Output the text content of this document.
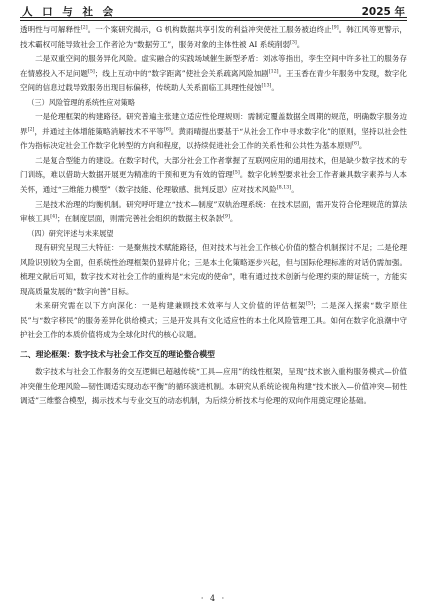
人 口 与 社 会	2025 年

透明性与可解释性[2]。一个案研究揭示，G 机构数据共享引发的利益冲突使社工服务被迫终止[9]。韩江风等更警示，技术霸权可能导致社会工作者沦为“数据劳工”，服务对象的主体性被 AI 系统削弱[3]。

二是双重空间的服务异化风险。虚实融合的实践场域催生新型矛盾：刘冰等指出，孪生空间中许多社工的服务存在情感投入不足问题[5]；线上互动中的“数字距离”使社会关系疏离风险加剧[12]。王玉香在青少年服务中发现，数字化空间的信息过载导致服务出现目标偏移，传统助人关系面临工具理性侵蚀[13]。

（三）风险管理的系统性应对策略

一是伦理框架的构建路径。研究普遍主张建立适应性伦理规则：需制定覆盖数据全周期的规范，明确数字服务边界[2]，并通过主体增能策略消解技术不平等[6]。黄雨晴提出要基于“从社会工作中寻求数字化”的原则，坚持以社会性作为指标决定社会工作数字化转型的方向和程度，以持续促进社会工作的关系性和公共性为基本原则[6]。

二是复合型能力的建设。在数字时代，大部分社会工作者掌握了互联网应用的通用技术，但是缺少数字技术的专门训练，难以借助大数据开展更为精准的干预和更为有效的管理[5]。数字化转型要求社会工作者兼具数字素养与人本关怀，通过“三维能力模型”（数字技能、伦理敏感、批判反思）应对技术风险[8,13]。

三是技术治理的均衡机制。研究呼吁建立“技术—制度”双轨治理系统：在技术层面，需开发符合伦理规范的算法审核工具[4]；在制度层面，则需完善社会组织的数据主权条款[9]。

（四）研究评述与未来展望

现有研究呈现三大特征：一是聚焦技术赋能路径，但对技术与社会工作核心价值的整合机制探讨不足；二是伦理风险识别较为全面，但系统性治理框架仍显碎片化；三是本土化策略逐步兴起，但与国际伦理标准的对话仍需加强。梳理文献后可知，数字技术对社会工作的重构是“未完成的使命”，唯有通过技术创新与伦理约束的辩证统一，方能实现高质量发展的“数字向善”目标。

未来研究需在以下方向深化：一是构建兼顾技术效率与人文价值的评估框架[5]；二是深入探索“数字原住民”与“数字移民”的服务差异化供给模式；三是开发具有文化适应性的本土化风险管理工具。如何在数字化浪潮中守护社会工作的本质价值将成为全球化时代的核心议题。

二、理论框架：数字技术与社会工作交互的理论整合模型

数字技术与社会工作服务的交互逻辑已超越传统“工具—应用”的线性框架，呈现“技术嵌入重构服务模式—价值冲突催生伦理风险—韧性调适实现动态平衡”的循环演进机制。本研究从系统论视角构建“技术嵌入—价值冲突—韧性调适”三维整合模型，揭示技术与专业交互的动态机制，为后续分析技术与伦理的双向作用奠定理论基础。

· 4 ·
